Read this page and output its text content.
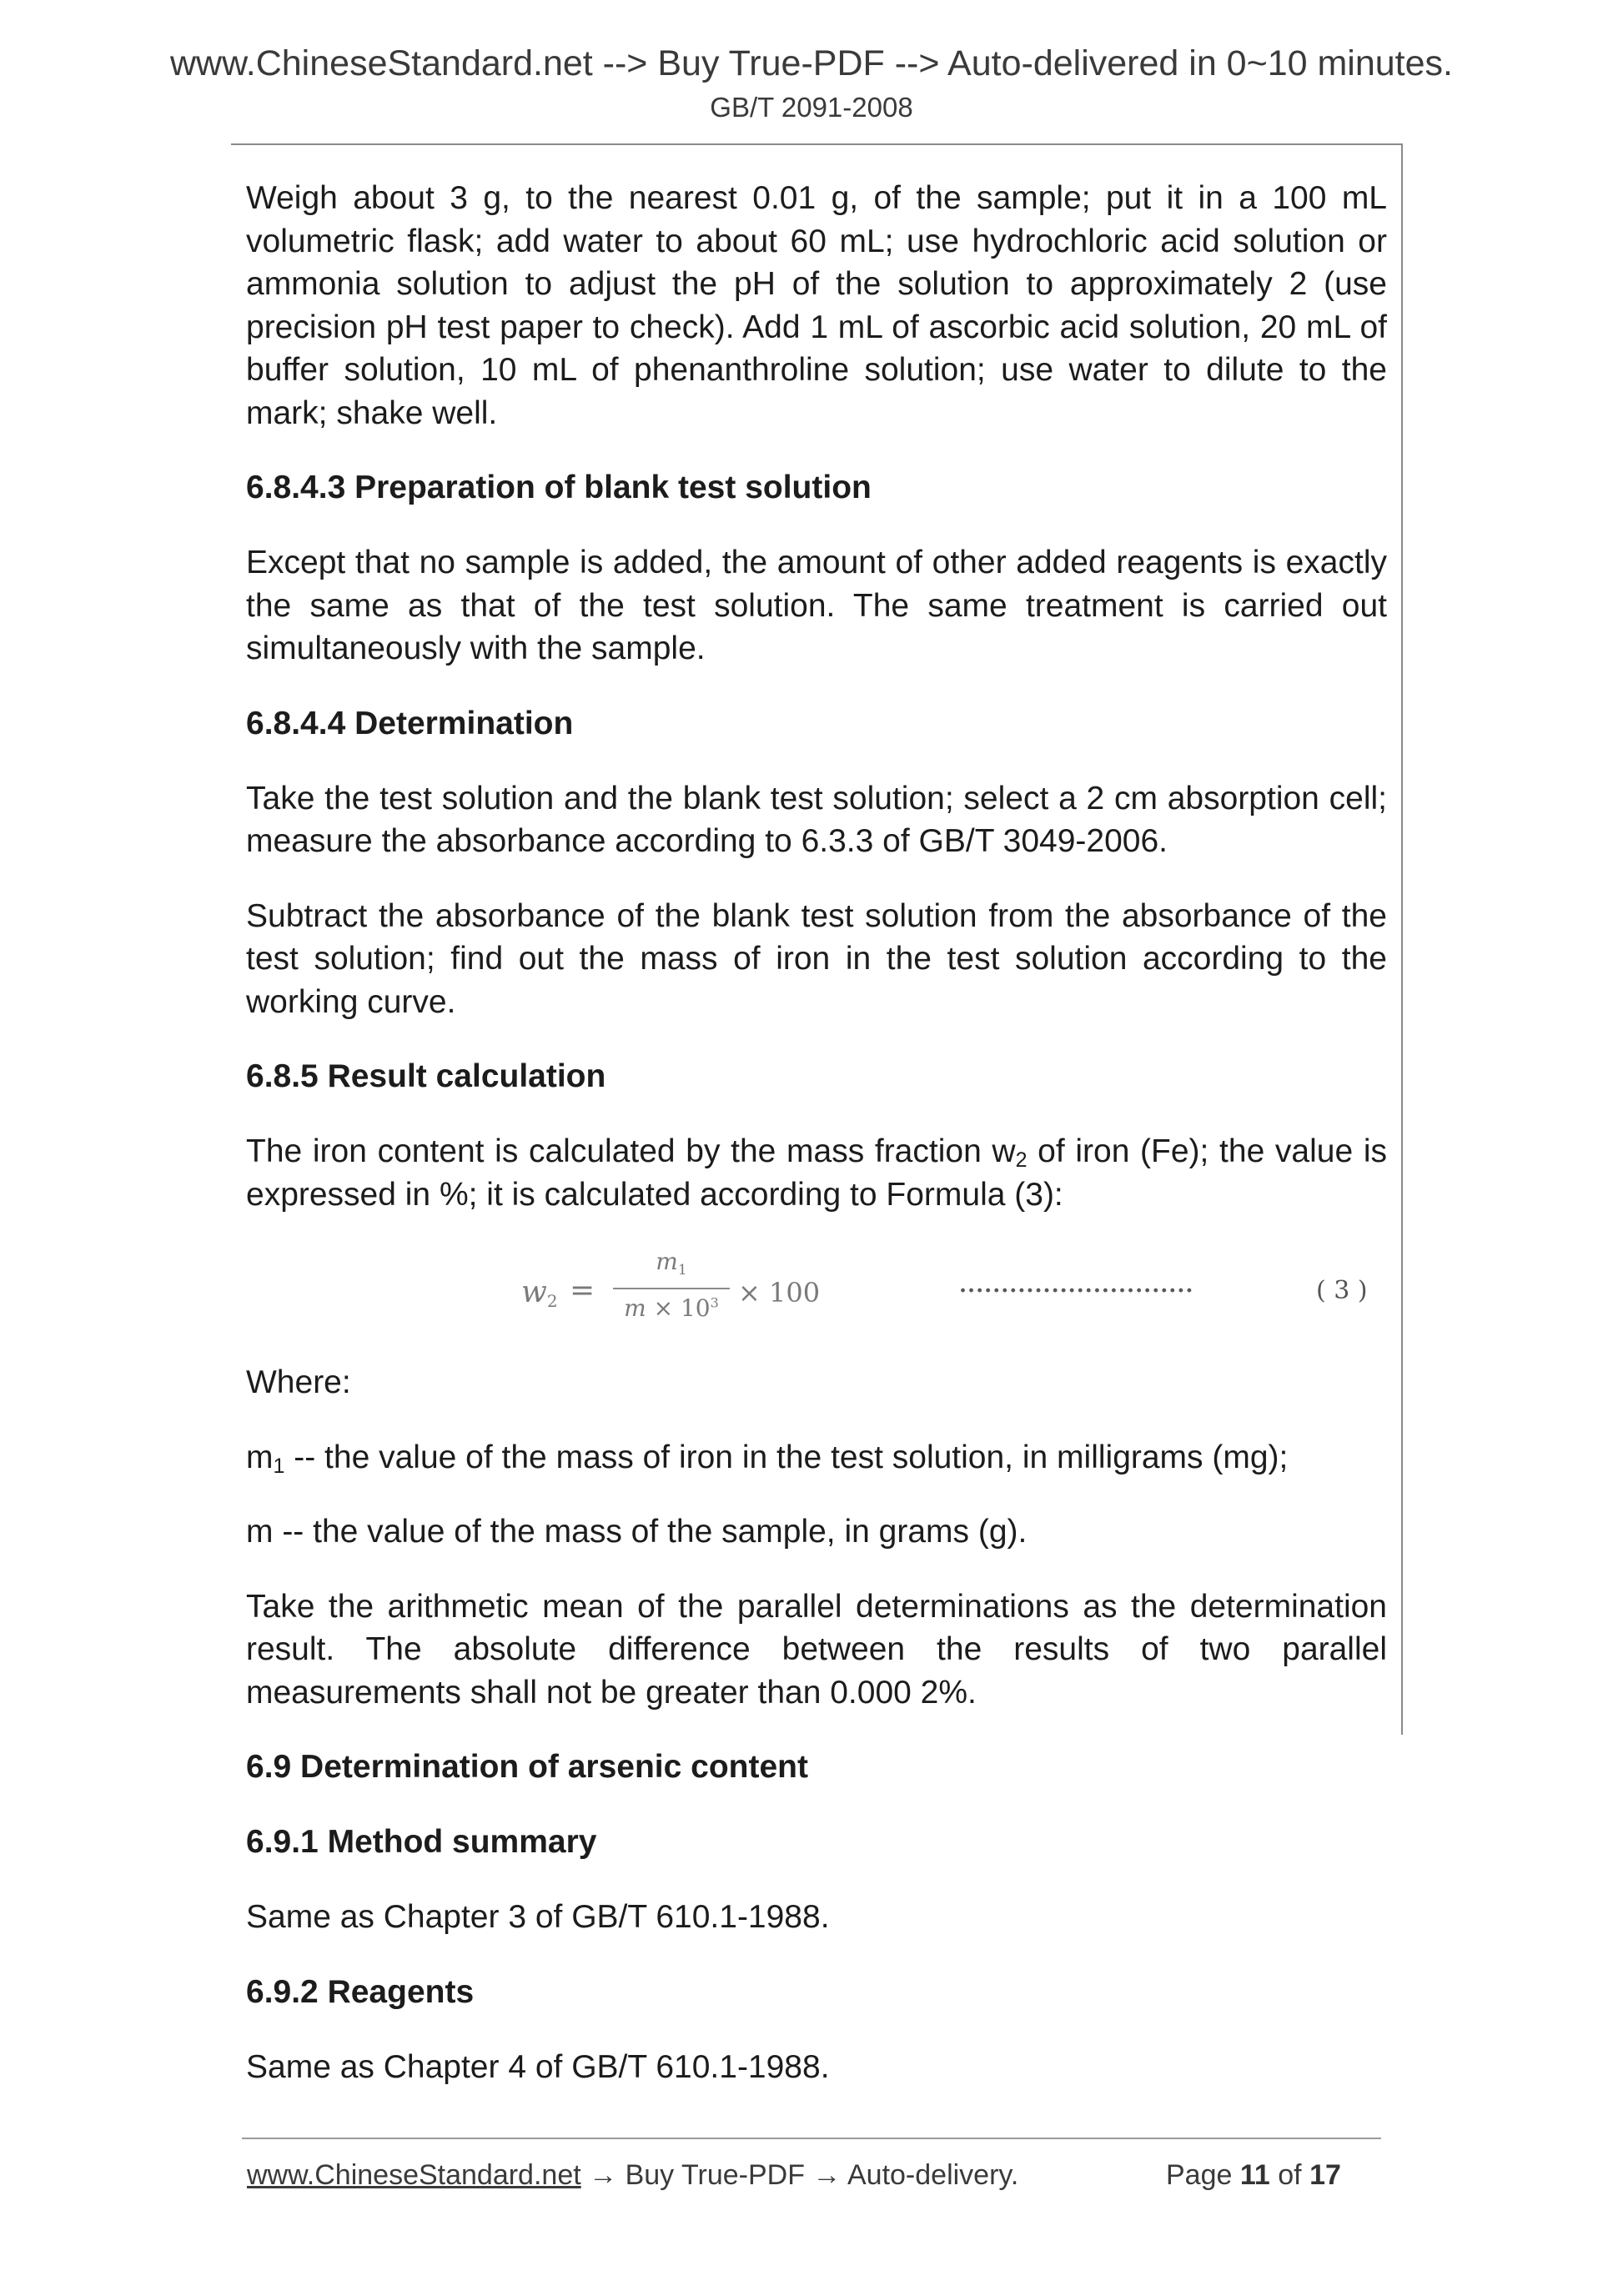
www.ChineseStandard.net --> Buy True-PDF --> Auto-delivered in 0~10 minutes.
GB/T 2091-2008

Weigh about 3 g, to the nearest 0.01 g, of the sample; put it in a 100 mL volumetric flask; add water to about 60 mL; use hydrochloric acid solution or ammonia solution to adjust the pH of the solution to approximately 2 (use precision pH test paper to check). Add 1 mL of ascorbic acid solution, 20 mL of buffer solution, 10 mL of phenanthroline solution; use water to dilute to the mark; shake well.

6.8.4.3 Preparation of blank test solution

Except that no sample is added, the amount of other added reagents is exactly the same as that of the test solution. The same treatment is carried out simultaneously with the sample.

6.8.4.4 Determination

Take the test solution and the blank test solution; select a 2 cm absorption cell; measure the absorbance according to 6.3.3 of GB/T 3049-2006.

Subtract the absorbance of the blank test solution from the absorbance of the test solution; find out the mass of iron in the test solution according to the working curve.

6.8.5 Result calculation

The iron content is calculated by the mass fraction $w_2$ of iron (Fe); the value is expressed in %; it is calculated according to Formula (3):

$w_2$ =
$m_1$
$m \times 10^3 \times 100$	····························	( 3 )

Where:

$m_1$ -- the value of the mass of iron in the test solution, in milligrams (mg);

m -- the value of the mass of the sample, in grams (g).

Take the arithmetic mean of the parallel determinations as the determination result. The absolute difference between the results of two parallel measurements shall not be greater than 0.000 2%.

6.9 Determination of arsenic content
6.9.1 Method summary

Same as Chapter 3 of GB/T 610.1-1988.

6.9.2 Reagents

Same as Chapter 4 of GB/T 610.1-1988.

www.ChineseStandard.net → Buy True-PDF → Auto-delivery.	Page 11 of 17
